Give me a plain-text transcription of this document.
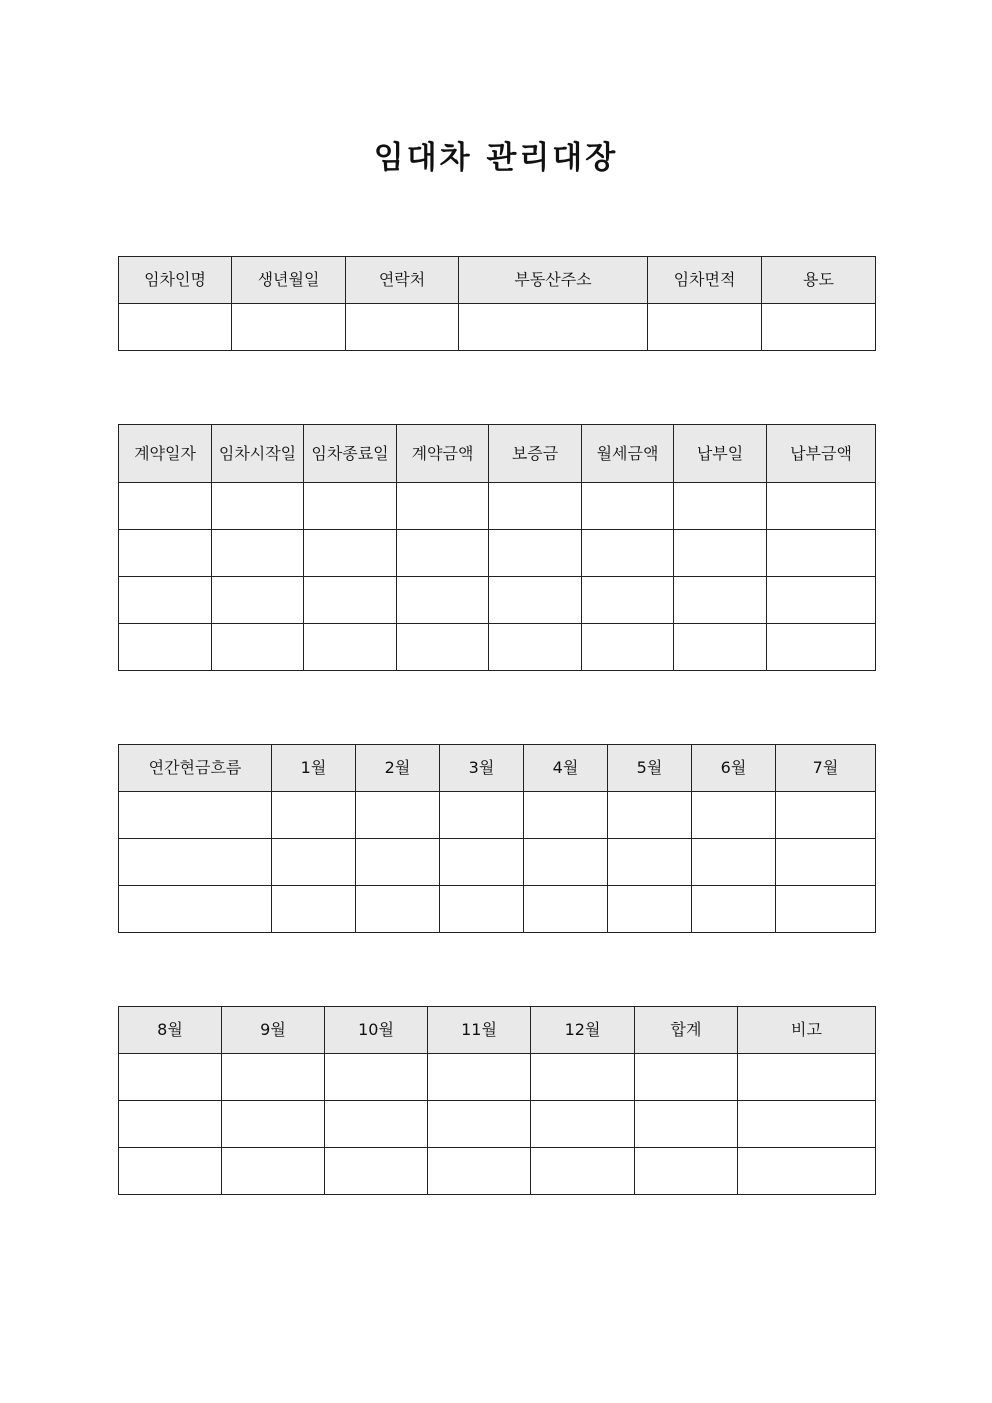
임대차 관리대장
임차인명	생년월일	연락처	부동산주소	임차면적	용도

계약일자	임차시작일	임차종료일	계약금액	보증금	월세금액	납부일	납부금액

연간현금흐름	1월	2월	3월	4월	5월	6월	7월

8월	9월	10월	11월	12월	합계	비고
